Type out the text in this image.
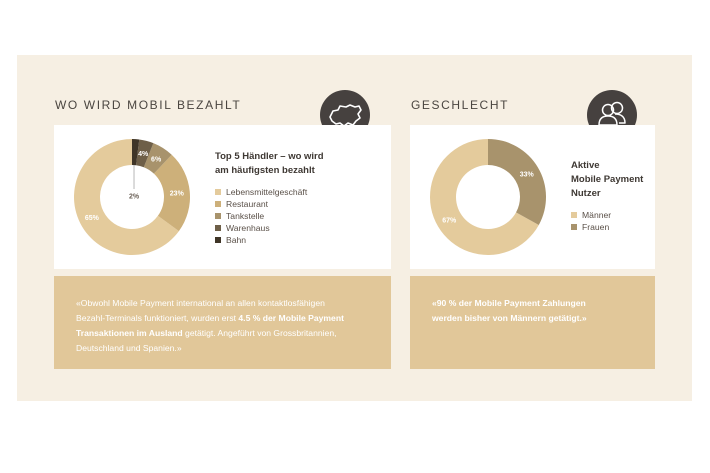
WO WIRD MOBIL BEZAHLT
65%
23%
6%
4%
2%
Top 5 Händler – wo wird
am häufigsten bezahlt
Lebensmittelgeschäft
Restaurant
Tankstelle
Warenhaus
Bahn
«Obwohl Mobile Payment international an allen kontaktlosfähigen
Bezahl-Terminals funktioniert, wurden erst 4.5 % der Mobile Payment
Transaktionen im Ausland getätigt. Angeführt von Grossbritannien,
Deutschland und Spanien.»
GESCHLECHT
67%
33%
Aktive
Mobile Payment
Nutzer
Männer
Frauen
«90 % der Mobile Payment Zahlungen
werden bisher von Männern getätigt.»
